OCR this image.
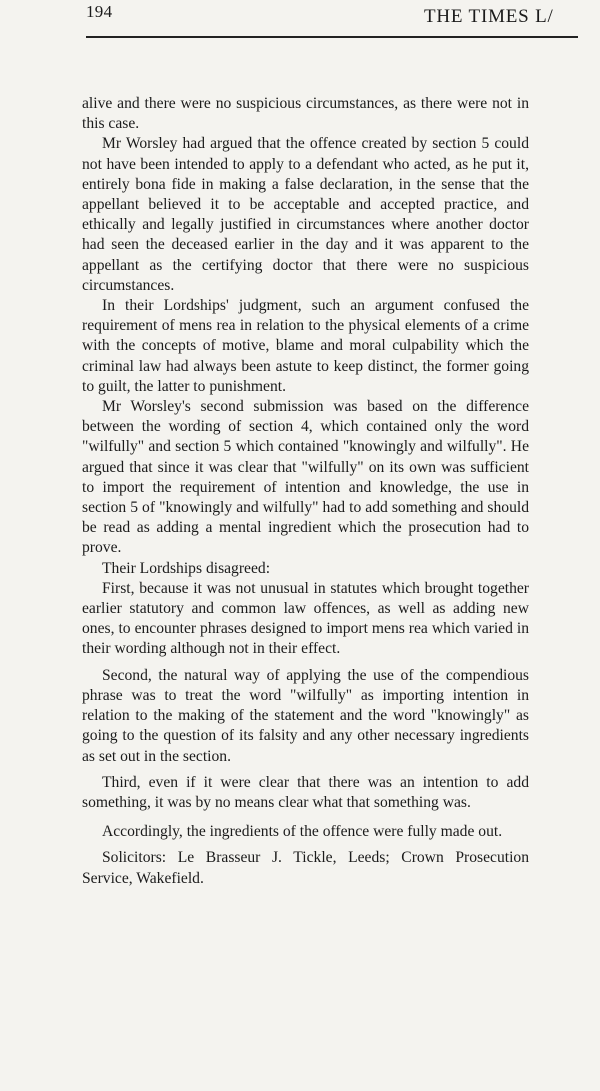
194	THE TIMES L/

alive and there were no suspicious circumstances, as there were not in this case.

Mr Worsley had argued that the offence created by section 5 could not have been intended to apply to a defendant who acted, as he put it, entirely bona fide in making a false declaration, in the sense that the appellant believed it to be acceptable and accepted practice, and ethically and legally justified in circumstances where another doctor had seen the deceased earlier in the day and it was apparent to the appellant as the certifying doctor that there were no suspicious circumstances.

In their Lordships' judgment, such an argument confused the requirement of mens rea in relation to the physical elements of a crime with the concepts of motive, blame and moral culpability which the criminal law had always been astute to keep distinct, the former going to guilt, the latter to punishment.

Mr Worsley's second submission was based on the difference between the wording of section 4, which contained only the word "wilfully" and section 5 which contained "knowingly and wilfully". He argued that since it was clear that "wilfully" on its own was sufficient to import the requirement of intention and knowledge, the use in section 5 of "knowingly and wilfully" had to add something and should be read as adding a mental ingredient which the prosecution had to prove.

Their Lordships disagreed:

First, because it was not unusual in statutes which brought together earlier statutory and common law offences, as well as adding new ones, to encounter phrases designed to import mens rea which varied in their wording although not in their effect.

Second, the natural way of applying the use of the compendious phrase was to treat the word "wilfully" as importing intention in relation to the making of the statement and the word "knowingly" as going to the question of its falsity and any other necessary ingredients as set out in the section.

Third, even if it were clear that there was an intention to add something, it was by no means clear what that something was.

Accordingly, the ingredients of the offence were fully made out.

Solicitors: Le Brasseur J. Tickle, Leeds; Crown Prosecution Service, Wakefield.
